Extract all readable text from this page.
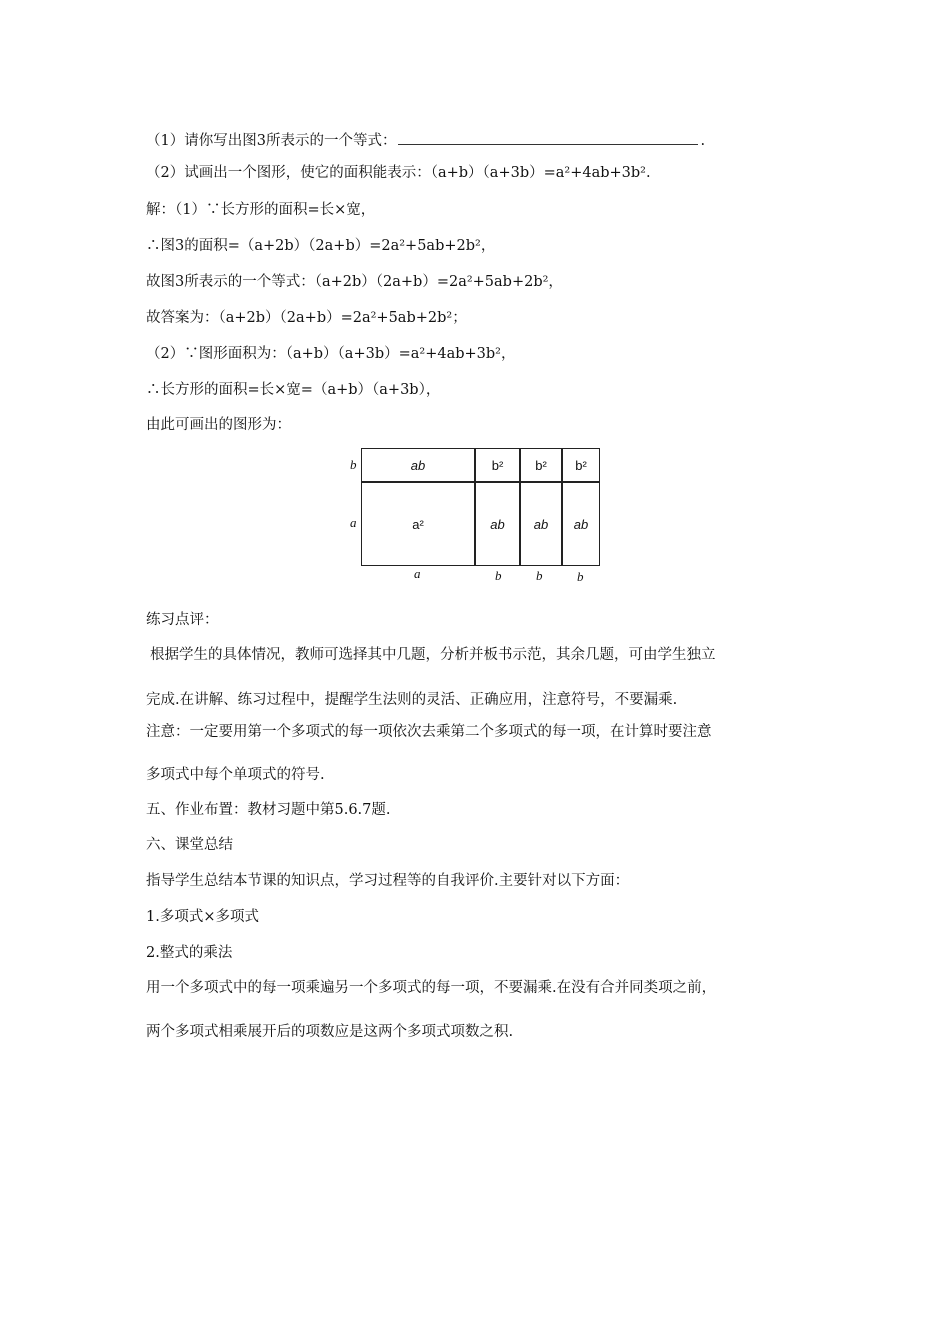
（1）请你写出图3所表示的一个等式：	.
（2）试画出一个图形，使它的面积能表示：（a+b）（a+3b）=a²+4ab+3b².
解：（1）∵长方形的面积=长×宽，
∴图3的面积=（a+2b）（2a+b）=2a²+5ab+2b²，
故图3所表示的一个等式：（a+2b）（2a+b）=2a²+5ab+2b²，
故答案为：（a+2b）（2a+b）=2a²+5ab+2b²；
（2）∵图形面积为：（a+b）（a+3b）=a²+4ab+3b²，
∴长方形的面积=长×宽=（a+b）（a+3b），
由此可画出的图形为：
ab	b²	b²	b²
a²	ab	ab	ab
b
a
a	b	b	b
练习点评：
根据学生的具体情况，教师可选择其中几题，分析并板书示范，其余几题，可由学生独立
完成.在讲解、练习过程中，提醒学生法则的灵活、正确应用，注意符号，不要漏乘.
注意：一定要用第一个多项式的每一项依次去乘第二个多项式的每一项，在计算时要注意
多项式中每个单项式的符号.
五、作业布置：教材习题中第5.6.7题.
六、课堂总结
指导学生总结本节课的知识点，学习过程等的自我评价.主要针对以下方面：
1.多项式×多项式
2.整式的乘法
用一个多项式中的每一项乘遍另一个多项式的每一项，不要漏乘.在没有合并同类项之前，
两个多项式相乘展开后的项数应是这两个多项式项数之积.
